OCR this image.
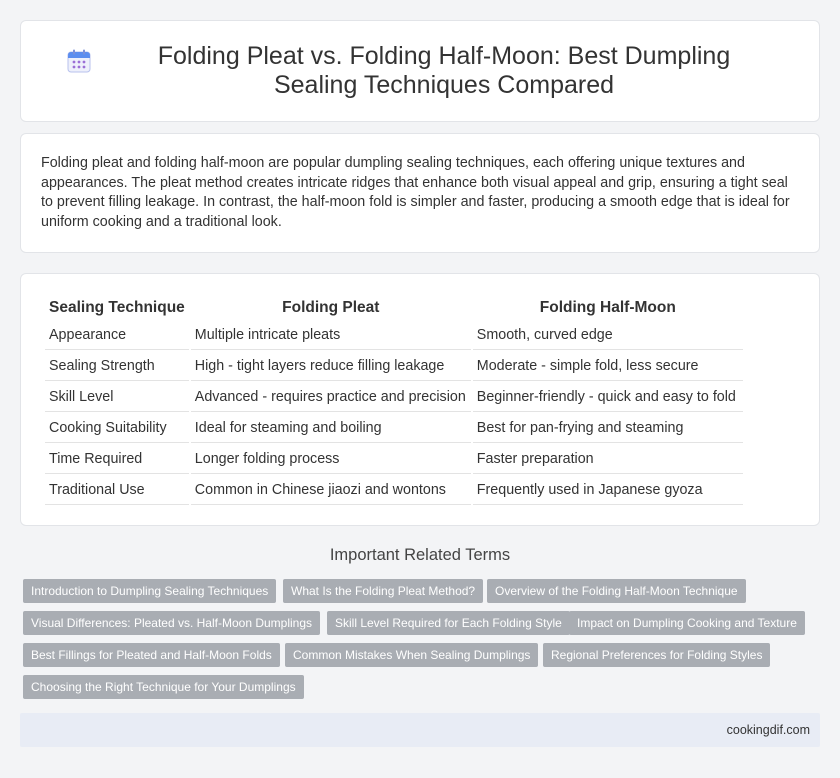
Folding Pleat vs. Folding Half-Moon: Best Dumpling Sealing Techniques Compared

Folding pleat and folding half-moon are popular dumpling sealing techniques, each offering unique textures and appearances. The pleat method creates intricate ridges that enhance both visual appeal and grip, ensuring a tight seal to prevent filling leakage. In contrast, the half-moon fold is simpler and faster, producing a smooth edge that is ideal for uniform cooking and a traditional look.

Sealing Technique	Folding Pleat	Folding Half-Moon
Appearance	Multiple intricate pleats	Smooth, curved edge
Sealing Strength	High - tight layers reduce filling leakage	Moderate - simple fold, less secure
Skill Level	Advanced - requires practice and precision	Beginner-friendly - quick and easy to fold
Cooking Suitability	Ideal for steaming and boiling	Best for pan-frying and steaming
Time Required	Longer folding process	Faster preparation
Traditional Use	Common in Chinese jiaozi and wontons	Frequently used in Japanese gyoza
Important Related Terms
Introduction to Dumpling Sealing Techniques	What Is the Folding Pleat Method?	Overview of the Folding Half-Moon Technique
Visual Differences: Pleated vs. Half-Moon Dumplings	Skill Level Required for Each Folding Style	Impact on Dumpling Cooking and Texture
Best Fillings for Pleated and Half-Moon Folds	Common Mistakes When Sealing Dumplings	Regional Preferences for Folding Styles
Choosing the Right Technique for Your Dumplings
cookingdif.com
